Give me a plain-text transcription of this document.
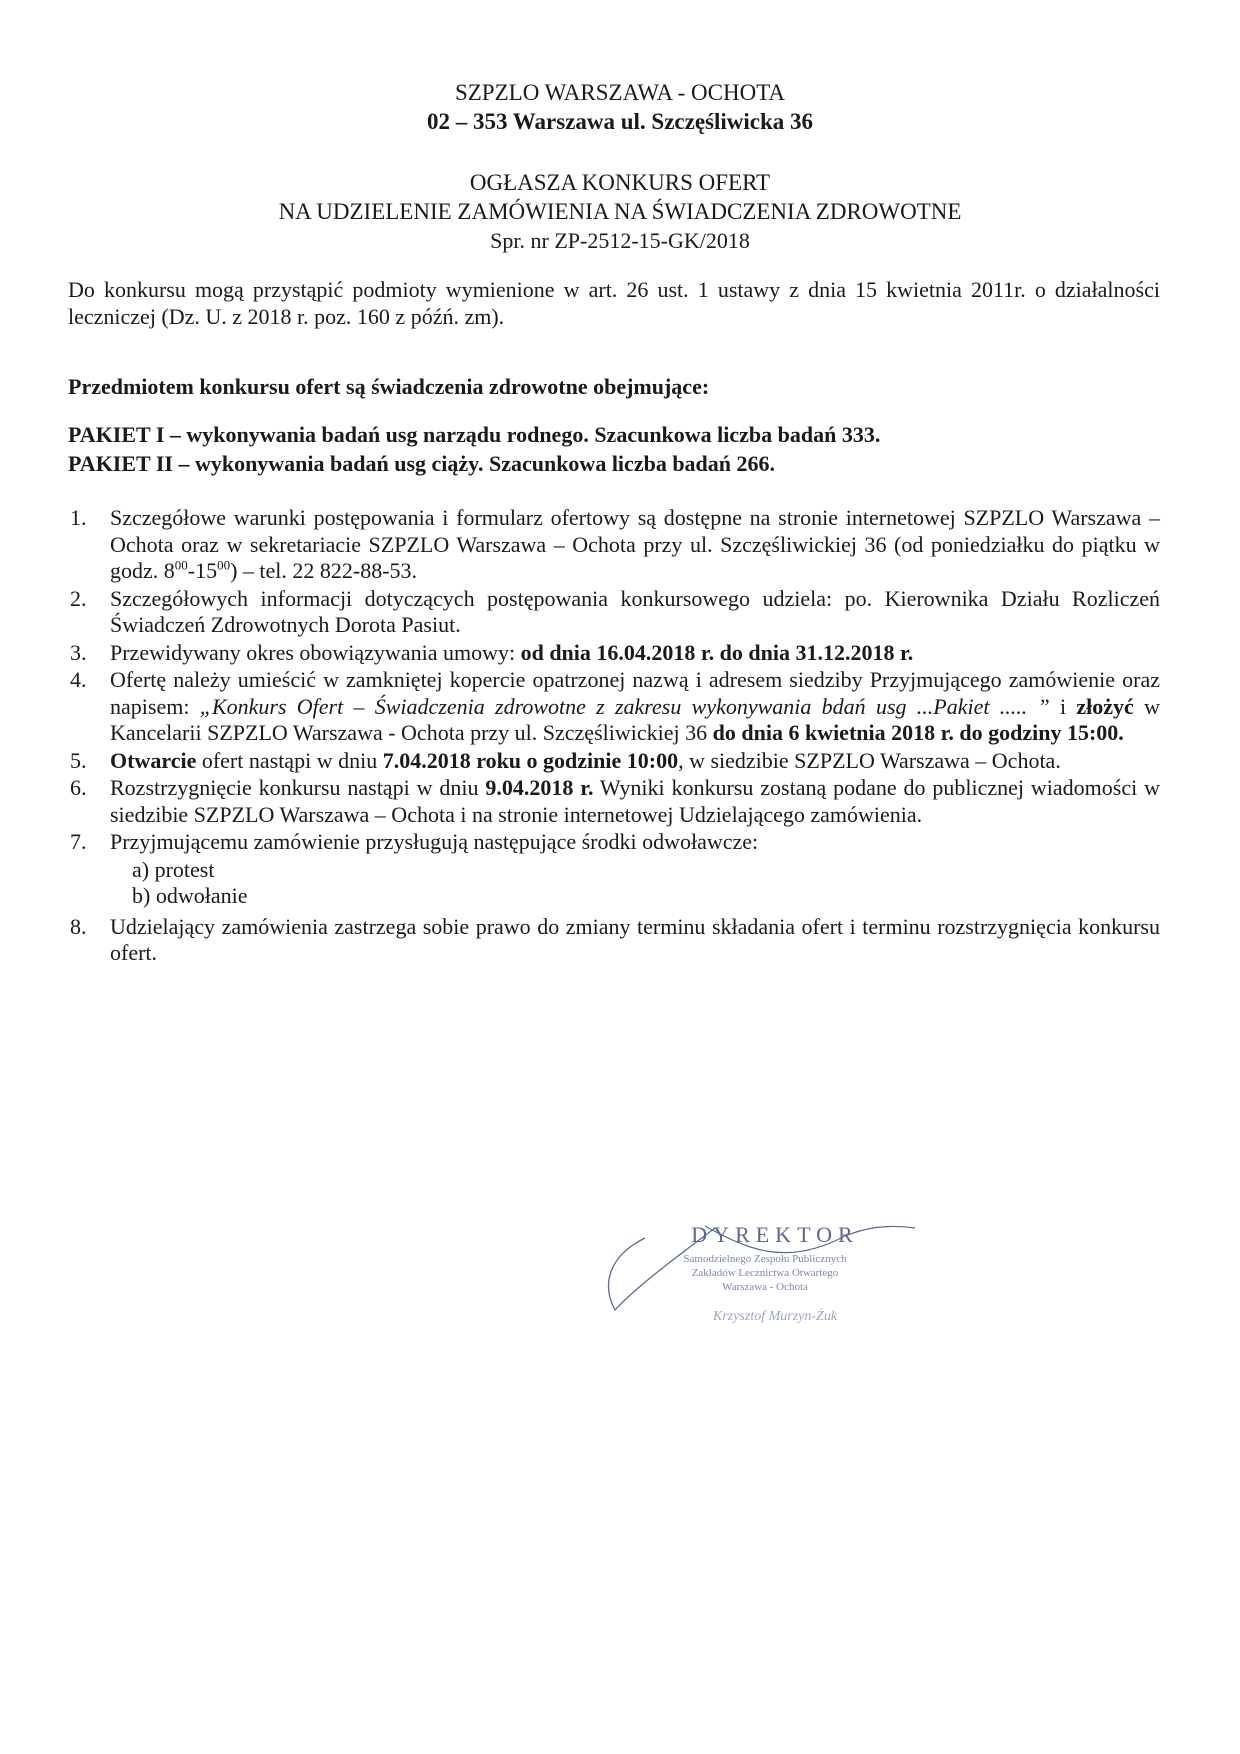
SZPZLO WARSZAWA - OCHOTA
02 – 353 Warszawa ul. Szczęśliwicka 36
OGŁASZA KONKURS OFERT
NA UDZIELENIE ZAMÓWIENIA NA ŚWIADCZENIA ZDROWOTNE
Spr. nr ZP-2512-15-GK/2018
Do konkursu mogą przystąpić podmioty wymienione w art. 26 ust. 1 ustawy z dnia 15 kwietnia 2011r. o działalności leczniczej (Dz. U. z 2018 r. poz. 160 z późń. zm).
Przedmiotem konkursu ofert są świadczenia zdrowotne obejmujące:
PAKIET I – wykonywania badań usg narządu rodnego. Szacunkowa liczba badań 333.
PAKIET II – wykonywania badań usg ciąży. Szacunkowa liczba badań 266.
1.	Szczegółowe warunki postępowania i formularz ofertowy są dostępne na stronie internetowej SZPZLO Warszawa – Ochota oraz w sekretariacie SZPZLO Warszawa – Ochota przy ul. Szczęśliwickiej 36 (od poniedziałku do piątku w godz. $8^{00}-15^{00}$) – tel. 22 822-88-53.
2.	Szczegółowych informacji dotyczących postępowania konkursowego udziela: po. Kierownika Działu Rozliczeń Świadczeń Zdrowotnych Dorota Pasiut.
3.	Przewidywany okres obowiązywania umowy: od dnia 16.04.2018 r. do dnia 31.12.2018 r.
4.	Ofertę należy umieścić w zamkniętej kopercie opatrzonej nazwą i adresem siedziby Przyjmującego zamówienie oraz napisem: „Konkurs Ofert – Świadczenia zdrowotne z zakresu wykonywania bdań usg ...Pakiet ..... ” i złożyć w Kancelarii SZPZLO Warszawa - Ochota przy ul. Szczęśliwickiej 36 do dnia 6 kwietnia 2018 r. do godziny 15:00.
5.	Otwarcie ofert nastąpi w dniu 7.04.2018 roku o godzinie 10:00, w siedzibie SZPZLO Warszawa – Ochota.
6.	Rozstrzygnięcie konkursu nastąpi w dniu 9.04.2018 r. Wyniki konkursu zostaną podane do publicznej wiadomości w siedzibie SZPZLO Warszawa – Ochota i na stronie internetowej Udzielającego zamówienia.
7.	Przyjmującemu zamówienie przysługują następujące środki odwoławcze:
a) protest
b) odwołanie
8.	Udzielający zamówienia zastrzega sobie prawo do zmiany terminu składania ofert i terminu rozstrzygnięcia konkursu ofert.
DYREKTOR
Samodzielnego Zespołu Publicznych
Zakładów Lecznictwa Otwartego
Warszawa - Ochota
Krzysztof Murzyn-Żuk
